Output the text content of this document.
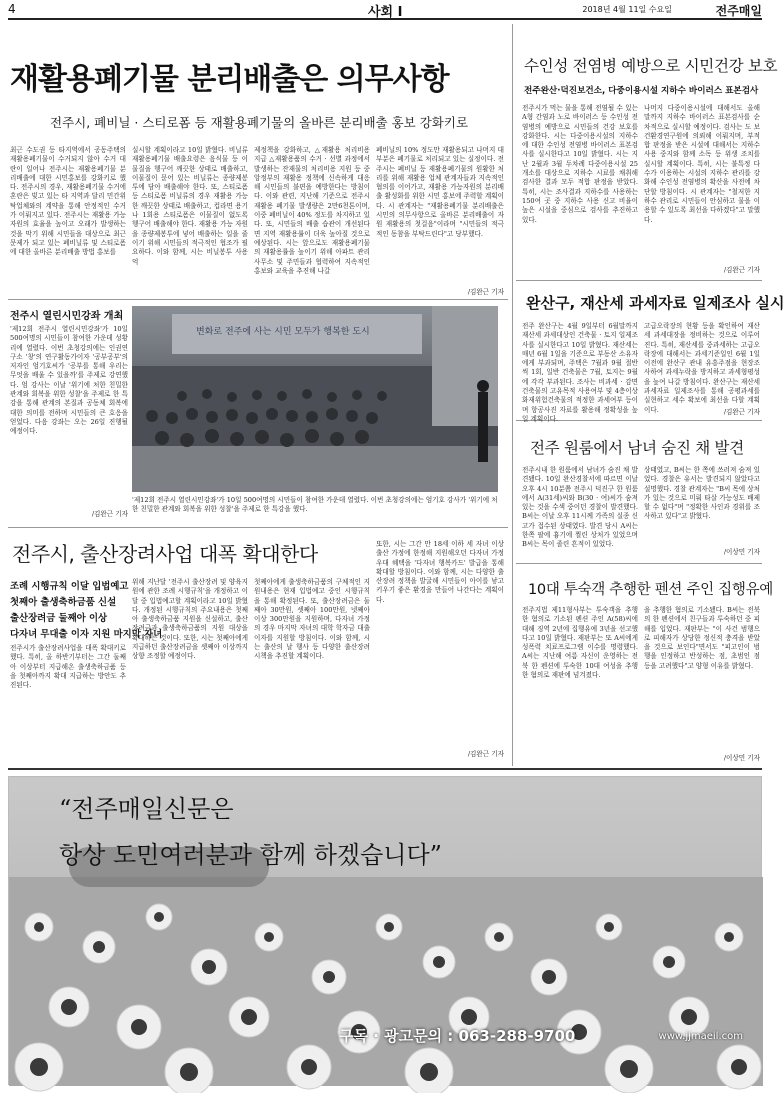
4	사회 Ⅰ	2018년 4월 11일 수요일	전주매일
재활용폐기물 분리배출은 의무사항
전주시, 폐비닐 · 스티로폼 등 재활용폐기물의 올바른 분리배출 홍보 강화키로
최근 수도권 등 타지역에서 공동주택의 재활용폐기물이 수거되지 않아 수거 대란이 일어나 전주시는 재활용폐기물 분리배출에 대한 시민홍보를 강화키로 했다. 전주시의 경우, 재활용폐기물 수거에 혼란은 빚고 있는 타 지역과 달리 민간위탁업체와의 계약을 통해 안정적인 수거가 이뤄지고 있다. 전주시는 재활용 가능자원의 효율을 높이고 오래가 발생하는 것을 막기 위해 시민들을 대상으로 최근 문제가 되고 있는 폐비닐류 및 스티로폼에 대한 올바른 분리배출 방법 홍보를
실시할 계획이라고 10일 밝혔다. 비닐류 재활용폐기물 배출요령은 음식물 등 이물질을 헹구어 깨끗한 상태로 배출하고, 이물질이 묻어 있는 비닐류는 종량제봉투에 담아 배출해야 한다. 또, 스티로폼 등 스티로폼 비닐류의 경우 재활용 가능한 깨끗한 상태로 배출하고, 컵라면 용기나 1회용 스티로폼은 이물질이 없도록 헹구어 배출해야 한다. 재활용 가능 자원을 종량제봉투에 넣어 배출하는 일을 줄이기 위해 시민들의 적극적인 협조가 필요하다. 이와 함께, 시는 비닐봉투 사용 억
제정책을 강화하고, △재활용 처리비용 지급 △재활용품의 수거 · 선별 과정에서 발생하는 잔재물의 처리비용 지원 등 중앙정부의 재활용 정책에 신속하게 대응해 시민들의 불편을 예방한다는 방침이다. 이와 관련, 지난해 기준으로 전주시 재활용 폐기물 발생량은 2만6천톤이며, 이중 폐비닐이 40% 정도를 차지하고 있다. 또, 시민들의 배출 습관이 개선된다면 지역 재활용률이 더욱 높아질 것으로 예상된다. 시는 앞으로도 재활용폐기물의 재활용률을 높이기 위해 아파트 관리사무소 및 주민들과 협력하여 지속적인 홍보와 교육을 추진해 나갈
폐비닐의 10% 정도만 재활용되고 나머지 대부분은 폐기물로 처리되고 있는 실정이다. 전주시는 폐비닐 등 재활용폐기물의 원활한 처리를 위해 재활용 업체 관계자들과 지속적인 협의를 이어가고, 재활용 가능자원의 분리배출 활성화를 위한 시민 홍보에 주력할 계획이다. 시 관계자는 "재활용폐기물 분리배출은 시민의 의무사항으로 올바른 분리배출이 자원 재활용의 첫걸음"이라며 "시민들의 적극적인 동참을 부탁드린다"고 당부했다.
/김완근 기자
수인성 전염병 예방으로 시민건강 보호
전주완산·덕진보건소, 다중이용시설 지하수 바이러스 표본검사
전주시가 먹는 물을 통해 전염될 수 있는 A형 간염과 노로 바이러스 등 수인성 전염병의 예방으로 시민들의 건강 보호를 강화한다. 시는 다중이용시설의 지하수에 대한 수인성 전염병 바이러스 표본검사를 실시한다고 10일 밝혔다. 시는 지난 2월과 3월 두차례 다중이용시설 25개소를 대상으로 지하수 시료를 채취해 검사한 결과 모두 적합 판정을 받았다. 특히, 시는 조사결과 지하수를 사용하는 150여 곳 중 지하수 사용 신고 비율이 높은 시설을 중심으로 검사를 추진하고 있다.
나머지 다중이용시설에 대해서도 올해 말까지 지하수 바이러스 표본검사를 순차적으로 실시할 예정이다. 검사는 도 보건환경연구원에 의뢰해 이뤄지며, 부적합 판정을 받은 시설에 대해서는 지하수 사용 중지와 함께 소독 등 위생 조치를 실시할 계획이다. 특히, 시는 불특정 다수가 이용하는 시설의 지하수 관리를 강화해 수인성 전염병의 확산을 사전에 차단할 방침이다. 시 관계자는 "철저한 지하수 관리로 시민들이 안심하고 물을 이용할 수 있도록 최선을 다하겠다"고 말했다.
/김완근 기자
완산구, 재산세 과세자료 일제조사 실시
전주 완산구는 4월 9일부터 6월말까지 재산세 과세대상인 건축물 · 토지 일제조사를 실시한다고 10일 밝혔다. 재산세는 매년 6월 1일을 기준으로 부동산 소유자에게 부과되며, 주택은 7월과 9월 절반씩 1회, 일반 건축물은 7월, 토지는 9월에 각각 부과된다. 조사는 비과세 · 감면 건축물의 고유목적 사용여부 및 4층이상 화재위험건축물의 적정한 과세여부 등이며 항공사진 자료를 활용해 정확성을 높일 계획이다.
고급오락장의 현황 등을 확인하여 재산세 과세대장을 정비하는 것으로 이루어진다. 특히, 재산세를 중과세하는 고급오락장에 대해서는 과세기준일인 6월 1일 이전에 완산구 관내 유흥주점을 현장조사하여 과세누락을 방지하고 과세형평성을 높여 나갈 방침이다. 완산구는 재산세 과세자료 일제조사를 통해 공평과세를 실현하고 세수 확보에 최선을 다할 계획이다.	/김완근 기자
전주 원룸에서 남녀 숨진 채 발견
전주시내 한 원룸에서 남녀가 숨진 채 발견됐다. 10일 완산경찰서에 따르면 이날 오후 4시 10분쯤 전주시 덕진구 한 원룸에서 A(31세)씨와 B(30 · 여)씨가 숨져 있는 것을 수색 중이던 경찰이 발견했다. B씨는 이날 오후 11시께 가족의 실종 신고가 접수된 상태였다. 발견 당시 A씨는 한쪽 팔에 흉기에 찔린 상처가 있었으며 B씨는 목이 졸린 흔적이 있었다.
상태였고, B씨는 한 쪽에 쓰러져 숨져 있었다. 경찰은 유서는 발견되지 않았다고 설명했다. 경찰 관계자는 "B씨 목에 상처가 있는 것으로 미뤄 타살 가능성도 배제할 수 없다"며 "정확한 사인과 경위를 조사하고 있다"고 밝혔다.
/이상민 기자
10대 투숙객 추행한 펜션 주인 집행유예
전주지법 제11형사부는 투숙객을 추행한 혐의로 기소된 펜션 주인 A(58)씨에 대해 징역 2년에 집행유예 3년을 선고했다고 10일 밝혔다. 재판부는 또 A씨에게 성폭력 치료프로그램 이수를 명령했다. A씨는 지난해 여름 자신이 운영하는 전북 한 펜션에 투숙한 10대 여성을 추행한 혐의로 재판에 넘겨졌다.
을 추행한 혐의로 기소됐다. B씨는 전북의 한 펜션에서 친구들과 투숙하던 중 피해를 입었다. 재판부는 "이 사건 범행으로 피해자가 상당한 정신적 충격을 받았을 것으로 보인다"면서도 "피고인이 범행을 인정하고 반성하는 점, 초범인 점 등을 고려했다"고 양형 이유를 밝혔다.
/이상민 기자
전주시 열린시민강좌 개최
'제12회 전주시 열린시민강좌'가 10일 500여명의 시민들이 참여한 가운데 성황리에 열렸다. 이번 초청강의에는 인권연구소 '창'의 연구활동가이자 '공부공부'의 저자인 엄기호씨가 '공부를 통해 우리는 무엇을 배울 수 있을까'를 주제로 강연했다. 엄 강사는 이날 '위기에 처한 친밀한 관계와 회복을 위한 성찰'을 주제로 한 특강을 통해 관계의 본질과 공동체 회복에 대한 의미를 전하며 시민들의 큰 호응을 얻었다. 다음 강좌는 오는 26일 진행될 예정이다.
/김완근 기자
변화로 전주에 사는 시민 모두가 행복한 도시
'제12회 전주시 열린시민강좌'가 10일 500여명의 시민들이 참여한 가운데 열렸다. 이번 초청강의에는 엄기호 강사가 '위기에 처한 친밀한 관계와 회복을 위한 성찰'을 주제로 한 특강을 했다.
전주시, 출산장려사업 대폭 확대한다
조례 시행규칙 이달 입법예고
첫째아 출생축하금품 신설
출산장려금 둘째아 이상
다자녀 무대출 이자 지원 마지막 자녀
전주시가 출산장려사업을 대폭 확대키로 했다. 특히, 올 하반기부터는 그간 둘째아 이상부터 지급해온 출생축하금품 등을 첫째아까지 확대 지급하는 방안도 추진된다.
위해 지난달 '전주시 출산장려 및 양육지원에 관한 조례 시행규칙'을 개정하고 이달 중 입법예고할 계획이라고 10일 밝혔다. 개정된 시행규칙의 주요내용은 첫째아 출생축하금품 지원을 신설하고, 출산장려금과 출생축하금품의 지원 대상을 확대하는 것이다. 또한, 시는 첫째아에게 지급하던 출산장려금을 셋째아 이상까지 상향 조정할 예정이다.
첫째아에게 출생축하금품의 구체적인 지원내용은 현재 입법예고 중인 시행규칙을 통해 확정된다. 또, 출산장려금은 둘째아 30만원, 셋째아 100만원, 넷째아 이상 300만원을 지원하며, 다자녀 가정의 경우 마지막 자녀의 대학 학자금 대출 이자를 지원할 방침이다. 이와 함께, 시는 출산의 날 행사 등 다양한 출산장려 시책을 추진할 계획이다.
또한, 시는 그간 만 18세 이하 세 자녀 이상 출산 가정에 한정해 지원해오던 다자녀 가정 우대 혜택을 '다자녀 행복카드' 발급을 통해 확대할 방침이다. 이와 함께, 시는 다양한 출산장려 정책을 발굴해 시민들이 아이를 낳고 키우기 좋은 환경을 만들어 나간다는 계획이다.
/김완근 기자
“전주매일신문은
항상 도민여러분과 함께 하겠습니다”
구독 · 광고문의 : 063-288-9700	www.jjmaeil.com
